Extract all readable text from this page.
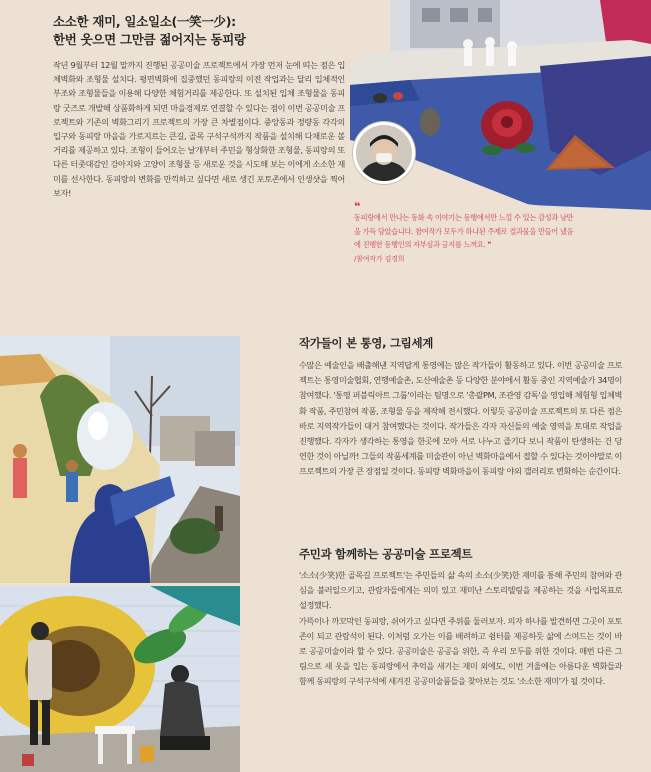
소소한 재미, 일소일소(一笑一少):
한번 웃으면 그만큼 젊어지는 동피랑
작년 9월부터 12월 말까지 진행된 공공미술 프로젝트에서 가장 먼저 눈에 띄는 점은 입체벽화와 조형물 설치다. 평면벽화에 집중했던 동피랑의 이전 작업과는 달리 입체적인 부조와 조형물들을 이용해 다양한 체험거리를 제공한다. 또 설치된 입체 조형물을 동피랑 굿즈로 개발해 상품화하게 되면 마을경제로 연결할 수 있다는 점이 이번 공공미술 프로젝트와 기존의 벽화그리기 프로젝트의 가장 큰 차별점이다. 중앙동과 정량동 각각의 입구와 동피랑 마을을 가로지르는 큰길, 골목 구석구석까지 작품을 설치해 다채로운 볼거리를 제공하고 있다. 조형이 들어오는 날개부터 주민을 형상화한 조형물, 동피랑의 또 다른 터줏대감인 강아지와 고양이 조형물 등 새로운 것을 시도해 보는 이에게 소소한 재미를 선사한다. 동피랑의 변화를 만끽하고 싶다면 새로 생긴 포토존에서 인생샷을 찍어보자!
❝
동피랑에서 만나는 동화 속 이야기는 동행에서만 느낄 수 있는 감성과 낭만을 가득 담았습니다. 참여작가 모두가 하나된 주제로 결과물을 만들어 냈음에 진행한 동행인의 자부심과 긍지를 느껴요. ❞
/참여작가 김경희
작가들이 본 통영, 그림세계
수많은 예술인을 배출해낸 지역답게 통영에는 많은 작가들이 활동하고 있다. 이번 공공미술 프로젝트는 통영미술협회, 연행예술촌, 도산예술촌 등 다양한 분야에서 활동 중인 지역예술가 34명이 참여했다. '통영 퍼블릭아트 그룹'이라는 팀명으로 '총괄PM, 조관영 감독'을 영입해 체험형 입체벽화 작품, 주민참여 작품, 조형물 등을 제작해 전시했다. 이렇듯 공공미술 프로젝트의 또 다른 점은 바로 지역작가들이 대거 참여했다는 것이다. 작가들은 각자 자신들의 예술 영역을 토대로 작업을 진행했다. 각자가 생각하는 통영을 한곳에 모아 서로 나누고 즐기다 보니 작품이 탄생하는 건 당연한 것이 아닐까! 그들의 작품세계를 미술관이 아닌 벽화마을에서 접할 수 있다는 것이야말로 이 프로젝트의 가장 큰 장점일 것이다. 동피랑 벽화마을이 동피랑 야외 갤러리로 변화하는 순간이다.
주민과 함께하는 공공미술 프로젝트
'소소(少笑)한 골목길 프로젝트'는 주민들의 삶 속의 소소(少笑)한 재미를 통해 주민의 참여와 관심을 불러일으키고, 관람자들에게는 의미 있고 재미난 스토리텔링을 제공하는 것을 사업목표로 설정했다.
가뜩이나 까꼬막인 동피랑, 쉬어가고 싶다면 주위를 둘러보자. 의자 하나를 발견하면 그곳이 포토존이 되고 관람석이 된다. 이처럼 오가는 이를 배려하고 쉼터를 제공하듯 삶에 스며드는 것이 바로 공공미술이라 할 수 있다. 공공미술은 공공을 위한, 즉 우리 모두를 위한 것이다. 매번 다른 그림으로 새 옷을 입는 동피랑에서 추억을 새기는 재미 외에도, 이번 겨울에는 아름다운 벽화들과 함께 동피랑의 구석구석에 새겨진 공공미술품들을 찾아보는 것도 '소소한 재미'가 될 것이다.
